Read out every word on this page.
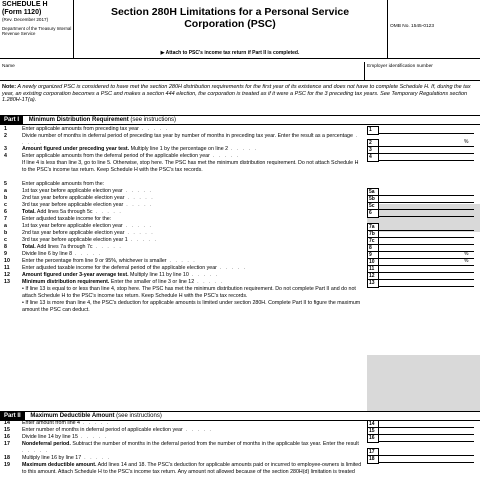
SCHEDULE H
(Form 1120)
(Rev. December 2017)
Department of the Treasury Internal Revenue Service
Section 280H Limitations for a Personal Service
Corporation (PSC)
▶ Attach to PSC's income tax return if Part II is completed.
OMB No. 1545-0123
Name	Employer identification number
Note: A newly organized PSC is considered to have met the section 280H distribution requirements for the first year of its existence and does not have to complete Schedule H. If, during the tax year, an existing corporation becomes a PSC and makes a section 444 election, the corporation is treated as if it were a PSC for the 3 preceding tax years. See Temporary Regulations section 1.280H-1T(a).
Part I Minimum Distribution Requirement (see instructions)
1	Enter applicable amounts from preceding tax year . . . . .	1
2	Divide number of months in deferral period of preceding tax year by number of months in preceding tax year. Enter the result as a percentage . . . . .	2	%
3	Amount figured under preceding year test. Multiply line 1 by the percentage on line 2 . . . . .	3
4	Enter applicable amounts from the deferral period of the applicable election year . . . . .	4
If line 4 is less than line 3, go to line 5. Otherwise, stop here. The PSC has met the minimum distribution requirement. Do not attach Schedule H to the PSC's income tax return. Keep Schedule H with the PSC's tax records.
5	Enter applicable amounts from the:
a	1st tax year before applicable election year . . . . .	5a
b	2nd tax year before applicable election year . . . . .	5b
c	3rd tax year before applicable election year . . . . .	5c
6	Total. Add lines 5a through 5c . . . . .	6
7	Enter adjusted taxable income for the:
a	1st tax year before applicable election year . . . . .	7a
b	2nd tax year before applicable election year . . . . .	7b
c	3rd tax year before applicable election year 1 . . . . .	7c
8	Total. Add lines 7a through 7c . . . . .	8
9	Divide line 6 by line 8 . . . . .	9	%
10	Enter the percentage from line 9 or 95%, whichever is smaller . . . . .	10	%
11	Enter adjusted taxable income for the deferral period of the applicable election year . . . . .	11
12	Amount figured under 3-year average test. Multiply line 11 by line 10 . . . . .	12
13	Minimum distribution requirement. Enter the smaller of line 3 or line 12 . . . . .	13
• If line 13 is equal to or less than line 4, stop here. The PSC has met the minimum distribution requirement. Do not complete Part II and do not attach Schedule H to the PSC's income tax return. Keep Schedule H with the PSC's tax records.
• If line 13 is more than line 4, the PSC's deduction for applicable amounts is limited under section 280H. Complete Part II to figure the maximum amount the PSC can deduct.
14	Enter amount from line 4 . . . . .	14
15	Enter number of months in deferral period of applicable election year . . . . .	15
16	Divide line 14 by line 15 . . . . .	16
17	Nondeferral period. Subtract the number of months in the deferral period from the number of months in the applicable tax year. Enter the result . . . . .	17
18	Multiply line 16 by line 17 . . . . .	18
19	Maximum deductible amount. Add lines 14 and 18. The PSC's deduction for applicable amounts paid or incurred to employee-owners is limited to this amount. Attach Schedule H to the PSC's income tax return. Any amount not allowed because of the section 280H(d) limitation is treated
Part II Maximum Deductible Amount (see instructions)
